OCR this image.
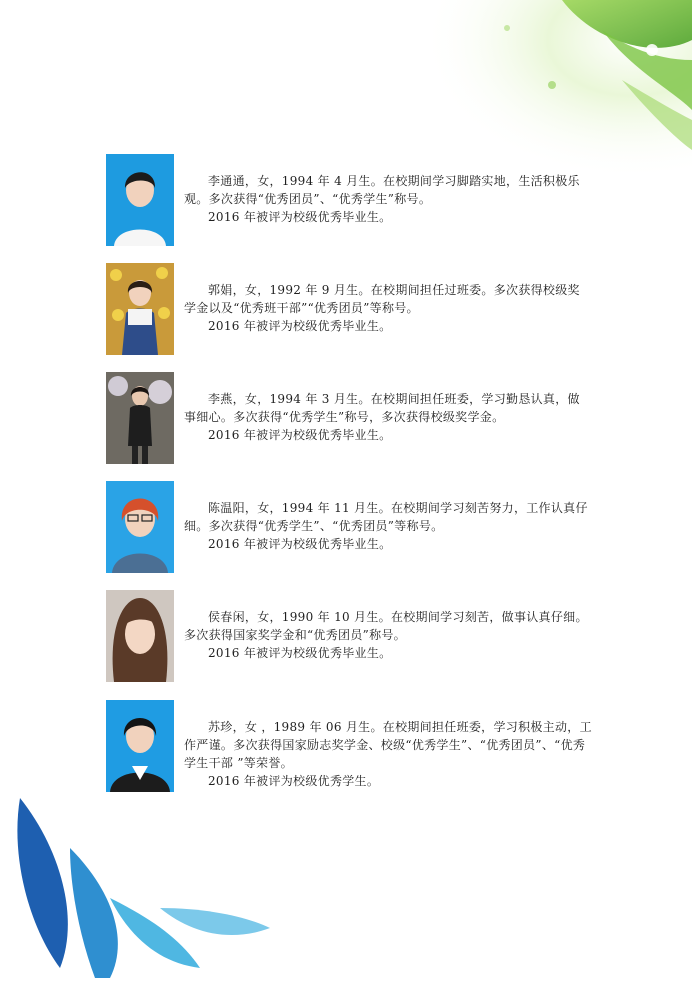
李通通，女，1994 年 4 月生。在校期间学习脚踏实地，生活积极乐观。多次获得“优秀团员”、“优秀学生”称号。

2016 年被评为校级优秀毕业生。

郭娟，女，1992 年 9 月生。在校期间担任过班委。多次获得校级奖学金以及“优秀班干部”“优秀团员”等称号。

2016 年被评为校级优秀毕业生。

李燕，女，1994 年 3 月生。在校期间担任班委，学习勤恳认真，做事细心。多次获得“优秀学生”称号，多次获得校级奖学金。

2016 年被评为校级优秀毕业生。

陈温阳，女，1994 年 11 月生。在校期间学习刻苦努力，工作认真仔细。多次获得“优秀学生”、“优秀团员”等称号。

2016 年被评为校级优秀毕业生。

侯春闲，女，1990 年 10 月生。在校期间学习刻苦，做事认真仔细。多次获得国家奖学金和“优秀团员”称号。

2016 年被评为校级优秀毕业生。

苏珍，女 ，1989 年 06 月生。在校期间担任班委，学习积极主动，工作严谨。多次获得国家励志奖学金、校级“优秀学生”、“优秀团员”、“优秀学生干部 ”等荣誉。

2016 年被评为校级优秀学生。
